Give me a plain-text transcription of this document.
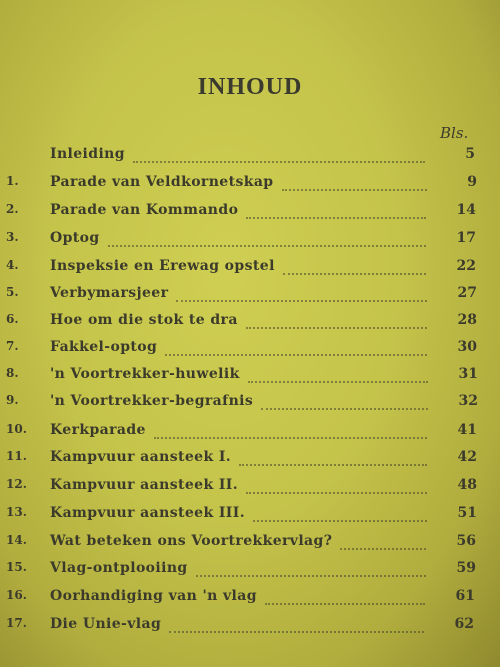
INHOUD
Bls.
Inleiding	5
1.	Parade van Veldkornetskap	9
2.	Parade van Kommando	14
3.	Optog	17
4.	Inspeksie en Erewag opstel	22
5.	Verbymarsjeer	27
6.	Hoe om die stok te dra	28
7.	Fakkel-optog	30
8.	'n Voortrekker-huwelik	31
9.	'n Voortrekker-begrafnis	32
10.	Kerkparade	41
11.	Kampvuur aansteek I.	42
12.	Kampvuur aansteek II.	48
13.	Kampvuur aansteek III.	51
14.	Wat beteken ons Voortrekkervlag?	56
15.	Vlag-ontplooiing	59
16.	Oorhandiging van 'n vlag	61
17.	Die Unie-vlag	62
